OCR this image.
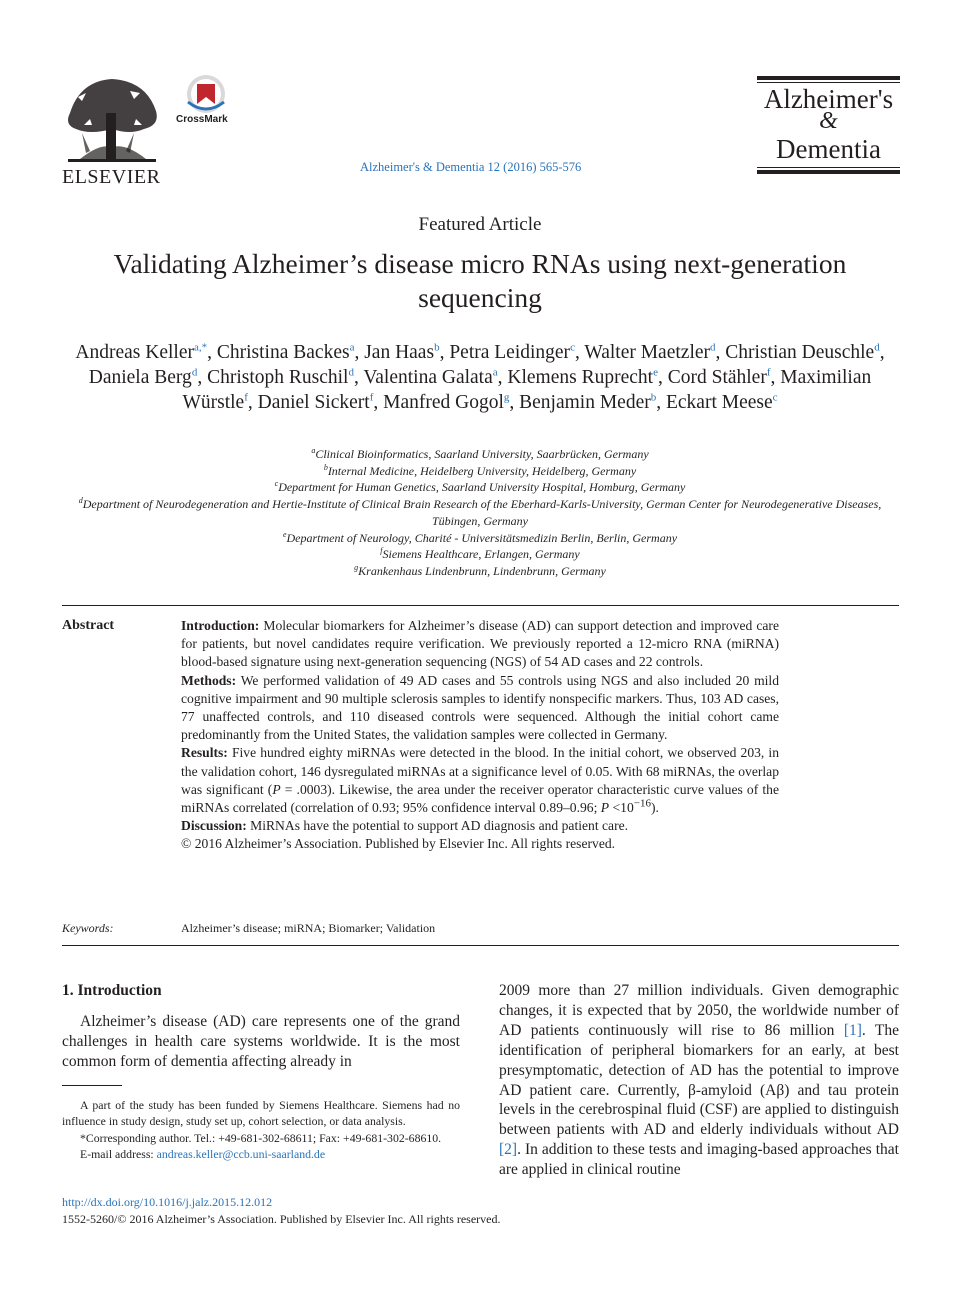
ELSEVIER
CrossMark
Alzheimer's & Dementia 12 (2016) 565-576
Alzheimer's
&
Dementia
Featured Article
Validating Alzheimer’s disease micro RNAs using next-generation sequencing
Andreas Keller$^{a,*}$, Christina Backes$^a$, Jan Haas$^b$, Petra Leidinger$^c$, Walter Maetzler$^d$, Christian Deuschle$^d$, Daniela Berg$^d$, Christoph Ruschil$^d$, Valentina Galata$^a$, Klemens Ruprecht$^e$, Cord Stähler$^f$, Maximilian Würstle$^f$, Daniel Sickert$^f$, Manfred Gogol$^g$, Benjamin Meder$^b$, Eckart Meese$^c$
$^a$Clinical Bioinformatics, Saarland University, Saarbrücken, Germany
$^b$Internal Medicine, Heidelberg University, Heidelberg, Germany
$^c$Department for Human Genetics, Saarland University Hospital, Homburg, Germany
$^d$Department of Neurodegeneration and Hertie-Institute of Clinical Brain Research of the Eberhard-Karls-University, German Center for Neurodegenerative Diseases, Tübingen, Germany
$^e$Department of Neurology, Charité - Universitätsmedizin Berlin, Berlin, Germany
$^f$Siemens Healthcare, Erlangen, Germany
$^g$Krankenhaus Lindenbrunn, Lindenbrunn, Germany
Abstract	Introduction: Molecular biomarkers for Alzheimer’s disease (AD) can support detection and improved care for patients, but novel candidates require verification. We previously reported a 12-micro RNA (miRNA) blood-based signature using next-generation sequencing (NGS) of 54 AD cases and 22 controls.

Methods: We performed validation of 49 AD cases and 55 controls using NGS and also included 20 mild cognitive impairment and 90 multiple sclerosis samples to identify nonspecific markers. Thus, 103 AD cases, 77 unaffected controls, and 110 diseased controls were sequenced. Although the initial cohort came predominantly from the United States, the validation samples were collected in Germany.

Results: Five hundred eighty miRNAs were detected in the blood. In the initial cohort, we observed 203, in the validation cohort, 146 dysregulated miRNAs at a significance level of 0.05. With 68 miRNAs, the overlap was significant (P = .0003). Likewise, the area under the receiver operator characteristic curve values of the miRNAs correlated (correlation of 0.93; 95% confidence interval 0.89–0.96; $P <10^{-16}$).

Discussion: MiRNAs have the potential to support AD diagnosis and patient care.

© 2016 Alzheimer’s Association. Published by Elsevier Inc. All rights reserved.

Keywords:	Alzheimer’s disease; miRNA; Biomarker; Validation
1. Introduction

Alzheimer’s disease (AD) care represents one of the grand challenges in health care systems worldwide. It is the most common form of dementia affecting already in

2009 more than 27 million individuals. Given demographic changes, it is expected that by 2050, the worldwide number of AD patients continuously will rise to 86 million [1]. The identification of peripheral biomarkers for an early, at best presymptomatic, detection of AD has the potential to improve AD patient care. Currently, β-amyloid (Aβ) and tau protein levels in the cerebrospinal fluid (CSF) are applied to distinguish between patients with AD and elderly individuals without AD [2]. In addition to these tests and imaging-based approaches that are applied in clinical routine

A part of the study has been funded by Siemens Healthcare. Siemens had no influence in study design, study set up, cohort selection, or data analysis.

*Corresponding author. Tel.: +49-681-302-68611; Fax: +49-681-302-68610.

E-mail address: andreas.keller@ccb.uni-saarland.de

http://dx.doi.org/10.1016/j.jalz.2015.12.012
1552-5260/© 2016 Alzheimer’s Association. Published by Elsevier Inc. All rights reserved.
